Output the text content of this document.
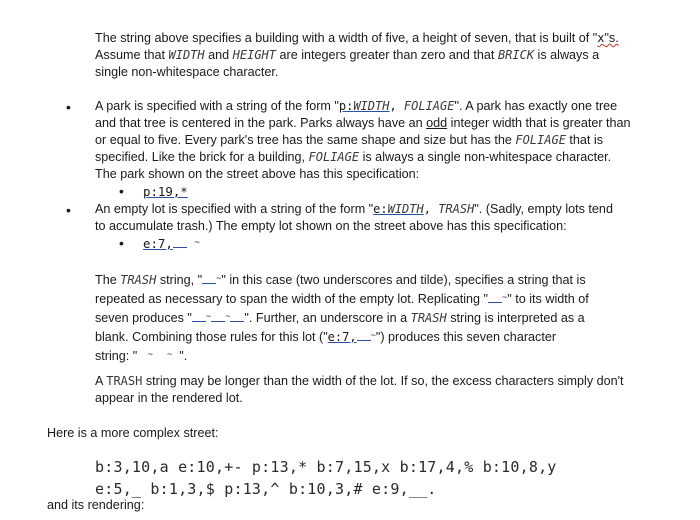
The string above specifies a building with a width of five, a height of seven, that is built of "x"s.
Assume that WIDTH and HEIGHT are integers greater than zero and that BRICK is always a
single non-whitespace character.

• A park is specified with a string of the form "p:WIDTH, FOLIAGE". A park has exactly one tree
and that tree is centered in the park. Parks always have an odd integer width that is greater than
or equal to five. Every park's tree has the same shape and size but has the FOLIAGE that is
specified. Like the brick for a building, FOLIAGE is always a single non-whitespace character.
The park shown on the street above has this specification:

• p:19,*
• An empty lot is specified with a string of the form "e:WIDTH, TRASH". (Sadly, empty lots tend
to accumulate trash.) The empty lot shown on the street above has this specification:

• e:7, ~

The TRASH string, " ~" in this case (two underscores and tilde), specifies a string that is
repeated as necessary to span the width of the empty lot. Replicating " ~" to its width of
seven produces " ~ ~ ". Further, an underscore in a TRASH string is interpreted as a
blank. Combining those rules for this lot ("e:7, ~") produces this seven character
string: " ~ ~ ".

A TRASH string may be longer than the width of the lot. If so, the excess characters simply don't
appear in the rendered lot.

Here is a more complex street:

b:3,10,a e:10,+- p:13,* b:7,15,x b:17,4,% b:10,8,y
e:5,_ b:1,3,$ p:13,^ b:10,3,# e:9,__.

and its rendering:
